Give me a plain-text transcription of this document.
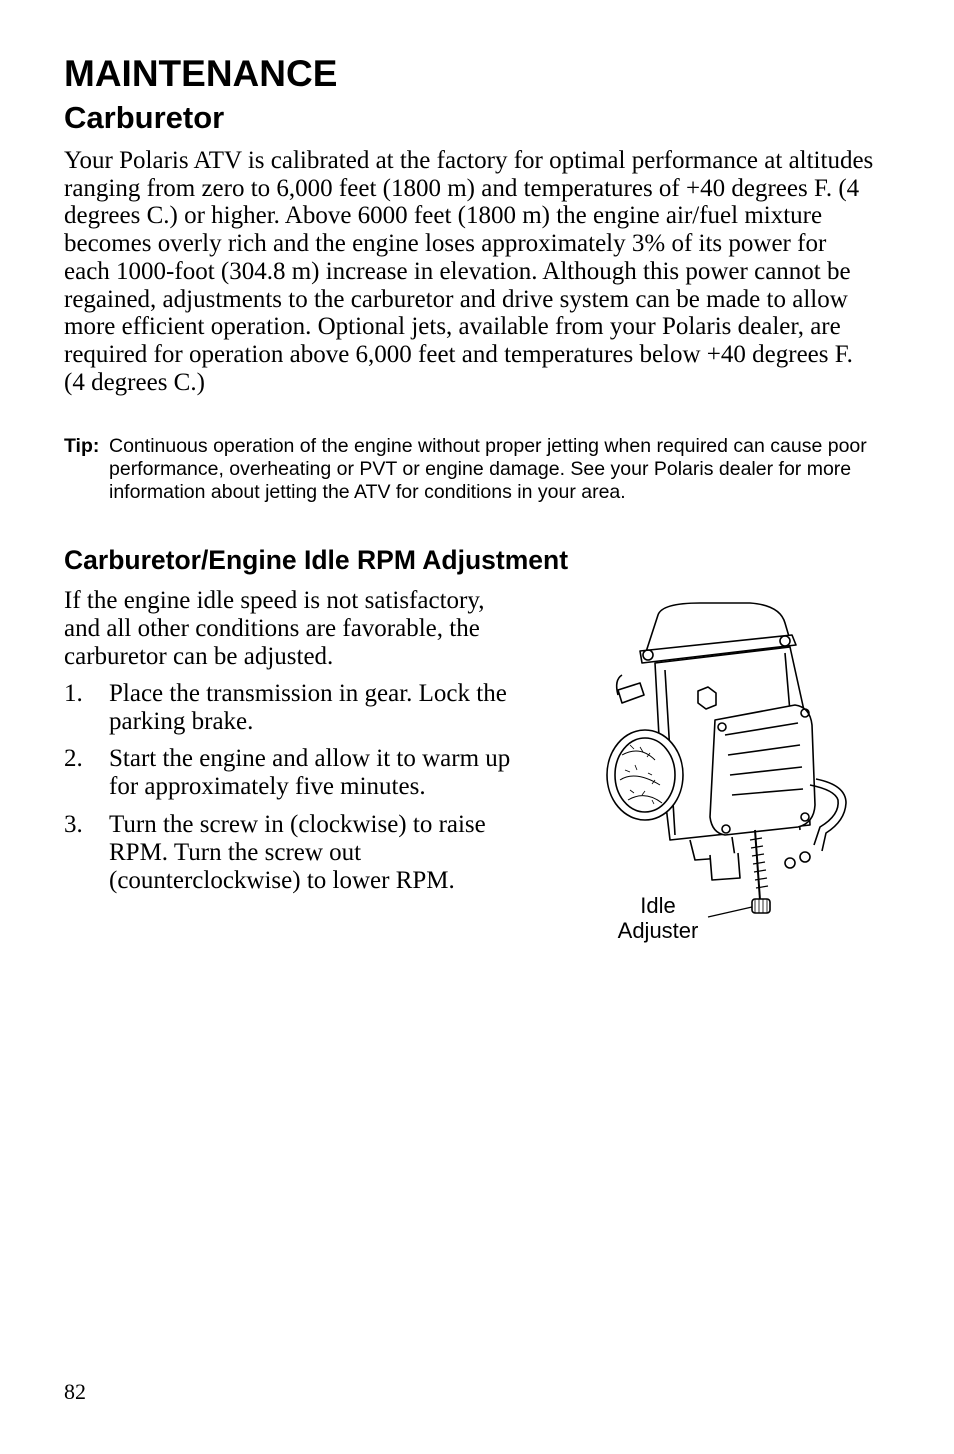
MAINTENANCE
Carburetor

Your Polaris ATV is calibrated at the factory for optimal performance at altitudes ranging from zero to 6,000 feet (1800 m) and temperatures of +40 degrees F. (4 degrees C.) or higher. Above 6000 feet (1800 m) the engine air/fuel mixture becomes overly rich and the engine loses approximately 3% of its power for each 1000-foot (304.8 m) increase in elevation. Although this power cannot be regained, adjustments to the carburetor and drive system can be made to allow more efficient operation. Optional jets, available from your Polaris dealer, are required for operation above 6,000 feet and temperatures below +40 degrees F. (4 degrees C.)

Tip: Continuous operation of the engine without proper jetting when required can cause poor performance, overheating or PVT or engine damage. See your Polaris dealer for more information about jetting the ATV for conditions in your area.
Carburetor/Engine Idle RPM Adjustment

If the engine idle speed is not satisfactory, and all other conditions are favorable, the carburetor can be adjusted.

1. Place the transmission in gear. Lock the parking brake.
2. Start the engine and allow it to warm up for approximately five minutes.
3. Turn the screw in (clockwise) to raise RPM. Turn the screw out (counterclockwise) to lower RPM.
Idle
Adjuster
82
